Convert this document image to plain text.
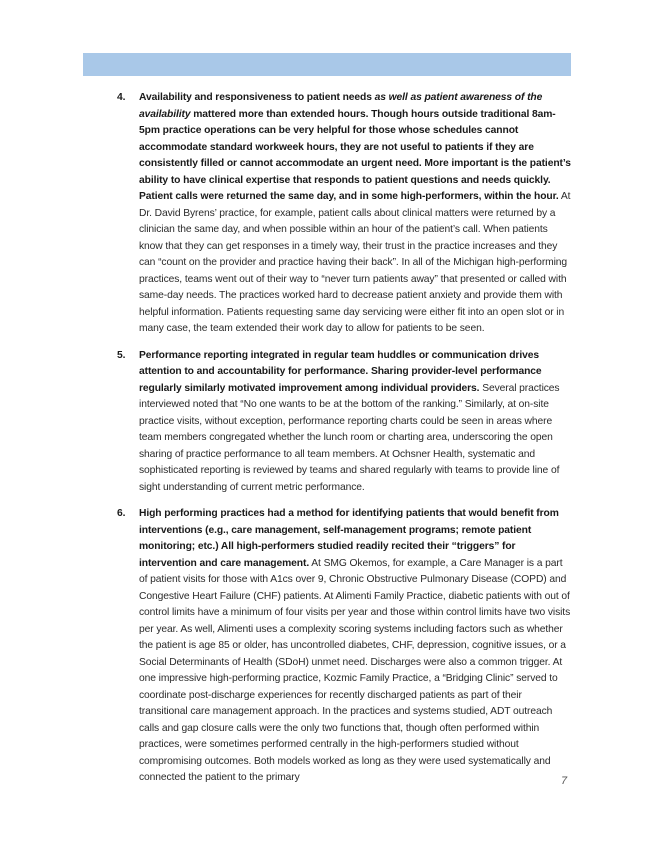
4. Availability and responsiveness to patient needs as well as patient awareness of the availability mattered more than extended hours. Though hours outside traditional 8am-5pm practice operations can be very helpful for those whose schedules cannot accommodate standard workweek hours, they are not useful to patients if they are consistently filled or cannot accommodate an urgent need. More important is the patient’s ability to have clinical expertise that responds to patient questions and needs quickly. Patient calls were returned the same day, and in some high-performers, within the hour. At Dr. David Byrens’ practice, for example, patient calls about clinical matters were returned by a clinician the same day, and when possible within an hour of the patient’s call. When patients know that they can get responses in a timely way, their trust in the practice increases and they can “count on the provider and practice having their back”. In all of the Michigan high-performing practices, teams went out of their way to “never turn patients away” that presented or called with same-day needs. The practices worked hard to decrease patient anxiety and provide them with helpful information. Patients requesting same day servicing were either fit into an open slot or in many case, the team extended their work day to allow for patients to be seen.
5. Performance reporting integrated in regular team huddles or communication drives attention to and accountability for performance. Sharing provider-level performance regularly similarly motivated improvement among individual providers. Several practices interviewed noted that “No one wants to be at the bottom of the ranking.” Similarly, at on-site practice visits, without exception, performance reporting charts could be seen in areas where team members congregated whether the lunch room or charting area, underscoring the open sharing of practice performance to all team members. At Ochsner Health, systematic and sophisticated reporting is reviewed by teams and shared regularly with teams to provide line of sight understanding of current metric performance.
6. High performing practices had a method for identifying patients that would benefit from interventions (e.g., care management, self-management programs; remote patient monitoring; etc.) All high-performers studied readily recited their “triggers” for intervention and care management. At SMG Okemos, for example, a Care Manager is a part of patient visits for those with A1cs over 9, Chronic Obstructive Pulmonary Disease (COPD) and Congestive Heart Failure (CHF) patients. At Alimenti Family Practice, diabetic patients with out of control limits have a minimum of four visits per year and those within control limits have two visits per year. As well, Alimenti uses a complexity scoring systems including factors such as whether the patient is age 85 or older, has uncontrolled diabetes, CHF, depression, cognitive issues, or a Social Determinants of Health (SDoH) unmet need. Discharges were also a common trigger. At one impressive high-performing practice, Kozmic Family Practice, a “Bridging Clinic” served to coordinate post-discharge experiences for recently discharged patients as part of their transitional care management approach. In the practices and systems studied, ADT outreach calls and gap closure calls were the only two functions that, though often performed within practices, were sometimes performed centrally in the high-performers studied without compromising outcomes. Both models worked as long as they were used systematically and connected the patient to the primary	7
